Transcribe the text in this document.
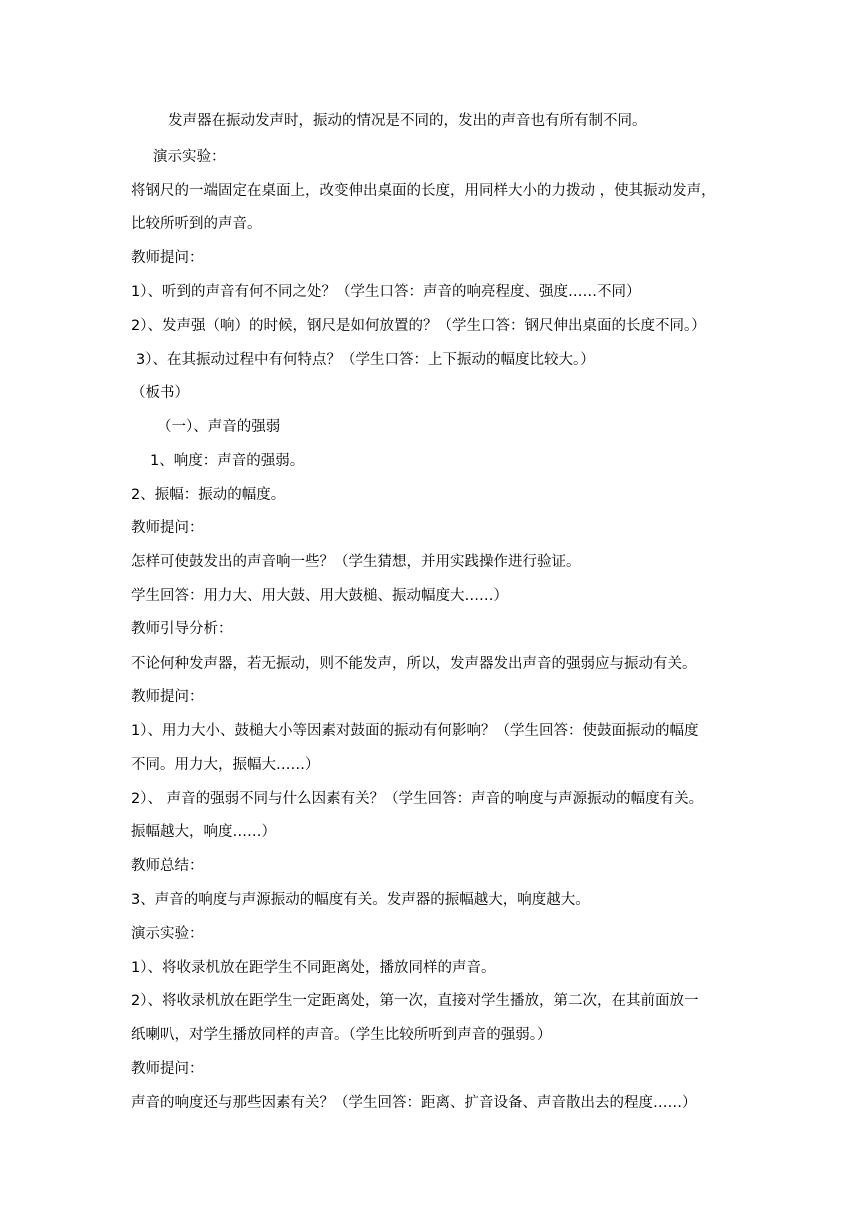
发声器在振动发声时，振动的情况是不同的，发出的声音也有所有制不同。
演示实验：
将钢尺的一端固定在桌面上，改变伸出桌面的长度，用同样大小的力拨动 ，使其振动发声，
比较所听到的声音。
教师提问：
1）、听到的声音有何不同之处？（学生口答：声音的响亮程度、强度……不同）
2）、发声强（响）的时候，钢尺是如何放置的？（学生口答：钢尺伸出桌面的长度不同。）
3）、在其振动过程中有何特点？（学生口答：上下振动的幅度比较大。）
（板书）
（一）、声音的强弱
1、响度：声音的强弱。
2、振幅：振动的幅度。
教师提问：
怎样可使鼓发出的声音响一些？（学生猜想，并用实践操作进行验证。
学生回答：用力大、用大鼓、用大鼓槌、振动幅度大……）
教师引导分析：
不论何种发声器，若无振动，则不能发声，所以，发声器发出声音的强弱应与振动有关。
教师提问：
1）、用力大小、鼓槌大小等因素对鼓面的振动有何影响？（学生回答：使鼓面振动的幅度
不同。用力大，振幅大……）
2）、 声音的强弱不同与什么因素有关？（学生回答：声音的响度与声源振动的幅度有关。
振幅越大，响度……）
教师总结：
3、声音的响度与声源振动的幅度有关。发声器的振幅越大，响度越大。
演示实验：
1）、将收录机放在距学生不同距离处，播放同样的声音。
2）、将收录机放在距学生一定距离处，第一次，直接对学生播放，第二次，在其前面放一
纸喇叭，对学生播放同样的声音。（学生比较所听到声音的强弱。）
教师提问：
声音的响度还与那些因素有关？（学生回答：距离、扩音设备、声音散出去的程度……）
